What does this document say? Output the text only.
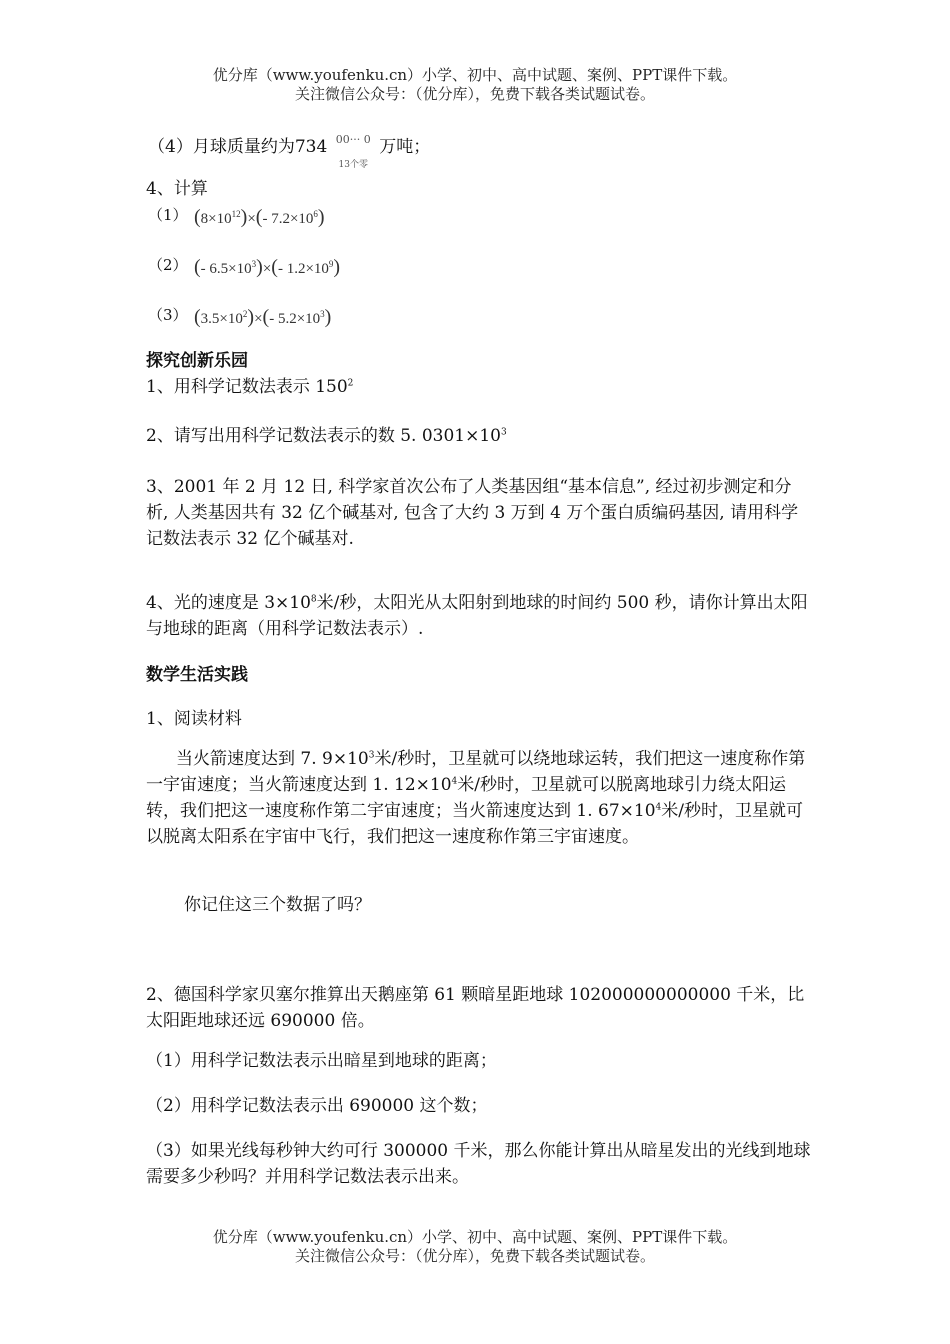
优分库（www.youfenku.cn）小学、初中、高中试题、案例、PPT课件下载。
关注微信公众号：（优分库），免费下载各类试题试卷。
（4）月球质量约为734 00··· 0
13个零
万吨；
4、计算
（1） $(8\times 10^{12})\times(-$ $7.2\times 10^6$)
（2） (- $6.5\times 10^3)\times(-$ $1.2\times 10^9$)
（3） $(3.5\times 10^2)\times(-$ $5.2\times 10^3$)
探究创新乐园
1、用科学记数法表示 $150^2$
2、请写出用科学记数法表示的数 5. $0301\times 10^3$
3、2001 年 2 月 12 日, 科学家首次公布了人类基因组“基本信息”, 经过初步测定和分析, 人类基因共有 32 亿个碱基对, 包含了大约 3 万到 4 万个蛋白质编码基因, 请用科学记数法表示 32 亿个碱基对.
4、光的速度是 $3\times 10^8$米/秒，太阳光从太阳射到地球的时间约 500 秒，请你计算出太阳与地球的距离（用科学记数法表示）.
数学生活实践
1、阅读材料
当火箭速度达到 7. $9\times 10^3$米/秒时，卫星就可以绕地球运转，我们把这一速度称作第一宇宙速度；当火箭速度达到 1. $12\times 10^4$米/秒时，卫星就可以脱离地球引力绕太阳运转，我们把这一速度称作第二宇宙速度；当火箭速度达到 1. $67\times 10^4$米/秒时，卫星就可以脱离太阳系在宇宙中飞行，我们把这一速度称作第三宇宙速度。
你记住这三个数据了吗？
2、德国科学家贝塞尔推算出天鹅座第 61 颗暗星距地球 102000000000000 千米，比太阳距地球还远 690000 倍。
（1）用科学记数法表示出暗星到地球的距离；
（2）用科学记数法表示出 690000 这个数；
（3）如果光线每秒钟大约可行 300000 千米，那么你能计算出从暗星发出的光线到地球需要多少秒吗？并用科学记数法表示出来。
优分库（www.youfenku.cn）小学、初中、高中试题、案例、PPT课件下载。
关注微信公众号：（优分库），免费下载各类试题试卷。
